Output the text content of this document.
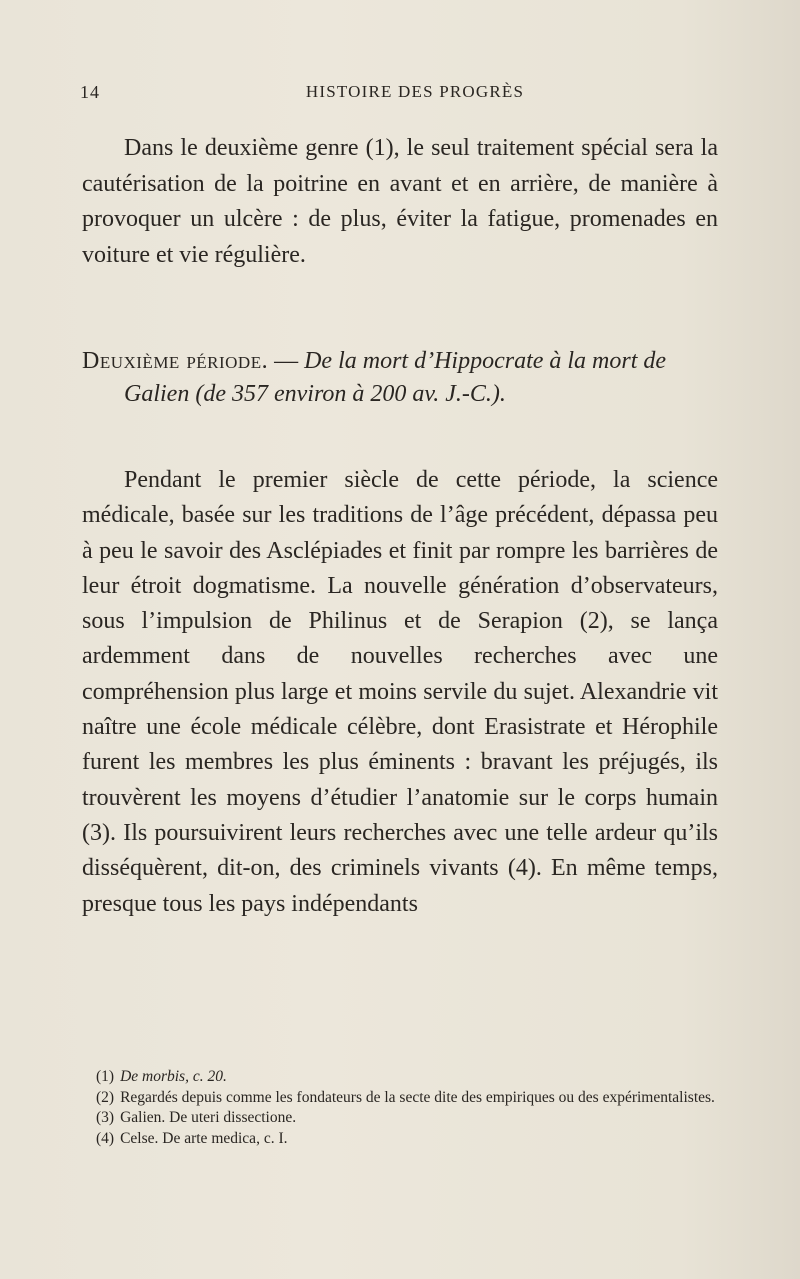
14	HISTOIRE DES PROGRÈS

Dans le deuxième genre (1), le seul traitement spécial sera la cautérisation de la poitrine en avant et en arrière, de manière à provoquer un ulcère : de plus, éviter la fatigue, promenades en voiture et vie régulière.

Deuxième période. — De la mort d’Hippocrate à la mort de Galien (de 357 environ à 200 av. J.-C.).

Pendant le premier siècle de cette période, la science médicale, basée sur les traditions de l’âge précédent, dépassa peu à peu le savoir des Asclépiades et finit par rompre les barrières de leur étroit dogmatisme. La nouvelle génération d’observateurs, sous l’impulsion de Philinus et de Serapion (2), se lança ardemment dans de nouvelles recherches avec une compréhension plus large et moins servile du sujet. Alexandrie vit naître une école médicale célèbre, dont Erasistrate et Hérophile furent les membres les plus éminents : bravant les préjugés, ils trouvèrent les moyens d’étudier l’anatomie sur le corps humain (3). Ils poursuivirent leurs recherches avec une telle ardeur qu’ils disséquèrent, dit-on, des criminels vivants (4). En même temps, presque tous les pays indépendants

(1) De morbis, c. 20.
(2) Regardés depuis comme les fondateurs de la secte dite des empiriques ou des expérimentalistes.
(3) Galien. De uteri dissectione.
(4) Celse. De arte medica, c. I.
